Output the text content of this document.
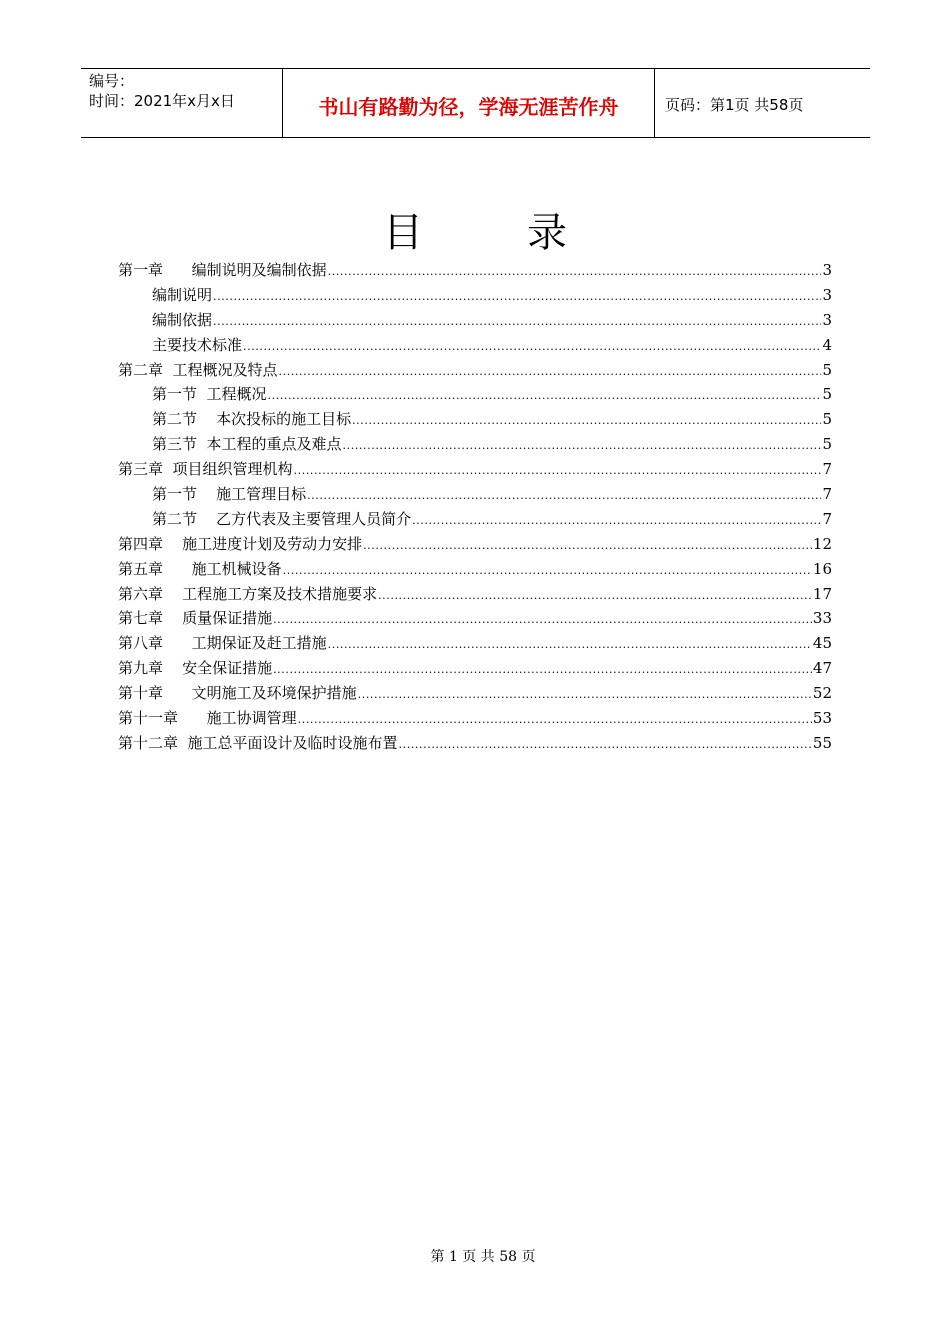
编号：
时间：2021年x月x日	书山有路勤为径，学海无涯苦作舟	页码：第1页 共58页
目	录
第一章      编制说明及编制依据 .....	3
编制说明 .....	3
编制依据 .....	3
主要技术标准 .....	4
第二章  工程概况及特点 .....	5
第一节  工程概况 .....	5
第二节    本次投标的施工目标 .....	5
第三节  本工程的重点及难点 .....	5
第三章  项目组织管理机构 .....	7
第一节    施工管理目标 .....	7
第二节    乙方代表及主要管理人员简介 .....	7
第四章    施工进度计划及劳动力安排 .....	12
第五章      施工机械设备 .....	16
第六章    工程施工方案及技术措施要求 .....	17
第七章    质量保证措施 .....	33
第八章      工期保证及赶工措施 .....	45
第九章    安全保证措施 .....	47
第十章      文明施工及环境保护措施 .....	52
第十一章      施工协调管理 .....	53
第十二章  施工总平面设计及临时设施布置 .....	55
第 1 页 共 58 页
